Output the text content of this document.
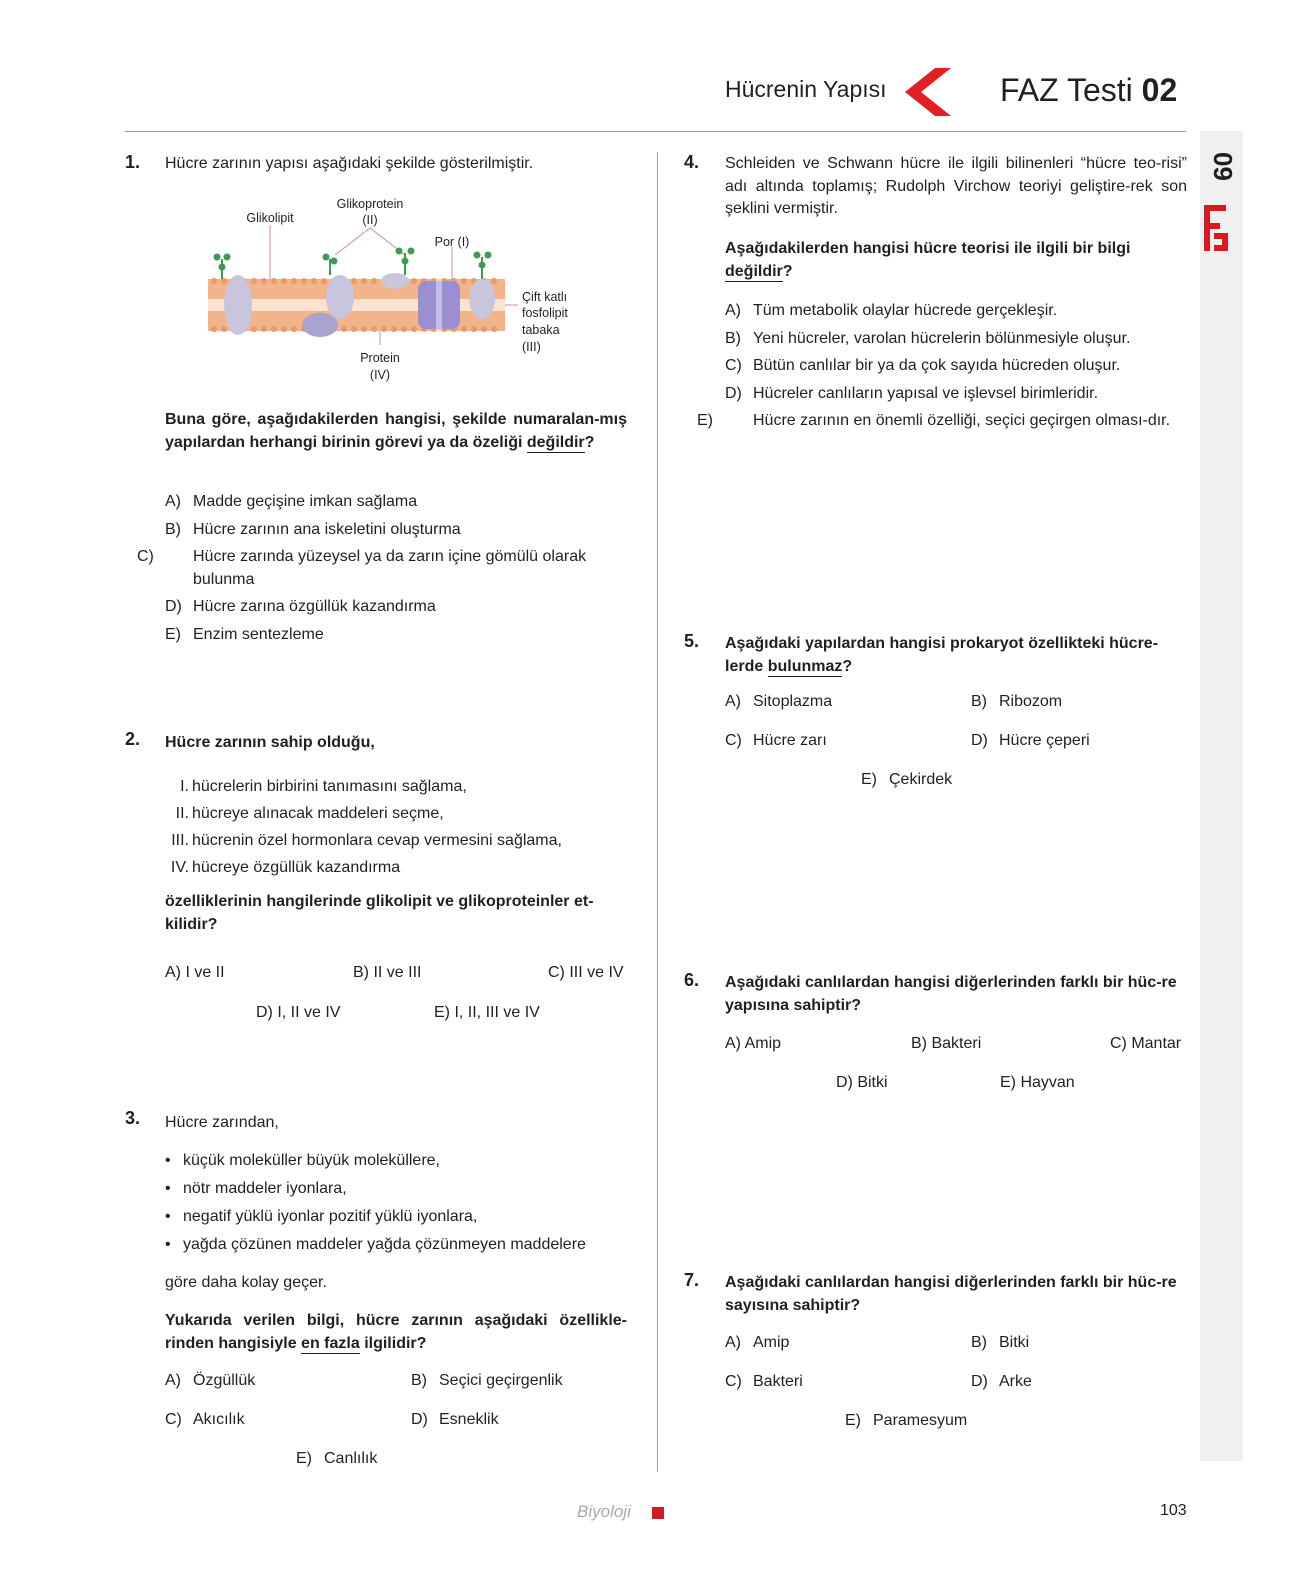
Hücrenin Yapısı	FAZ Testi 02
09
1. Hücre zarının yapısı aşağıdaki şekilde gösterilmiştir.
Glikolipit
Glikoprotein
(II)
Por (I)
Çift katlı
fosfolipit
tabaka
(III)
Protein
(IV)
Buna göre, aşağıdakilerden hangisi, şekilde numaralan-mış yapılardan herhangi birinin görevi ya da özeliği değildir?
A) Madde geçişine imkan sağlama
B) Hücre zarının ana iskeletini oluşturma
C) Hücre zarında yüzeysel ya da zarın içine gömülü olarak bulunma
D) Hücre zarına özgüllük kazandırma
E) Enzim sentezleme
2. Hücre zarının sahip olduğu,
I. hücrelerin birbirini tanımasını sağlama,
II. hücreye alınacak maddeleri seçme,
III. hücrenin özel hormonlara cevap vermesini sağlama,
IV. hücreye özgüllük kazandırma
özelliklerinin hangilerinde glikolipit ve glikoproteinler et-kilidir?
A) I ve II	B) II ve III	C) III ve IV
D) I, II ve IV	E) I, II, III ve IV
3. Hücre zarından,
• küçük moleküller büyük moleküllere,
• nötr maddeler iyonlara,
• negatif yüklü iyonlar pozitif yüklü iyonlara,
• yağda çözünen maddeler yağda çözünmeyen maddelere
göre daha kolay geçer.
Yukarıda verilen bilgi, hücre zarının aşağıdaki özellikle-rinden hangisiyle en fazla ilgilidir?
A) Özgüllük	B) Seçici geçirgenlik
C) Akıcılık	D) Esneklik
E) Canlılık
4. Schleiden ve Schwann hücre ile ilgili bilinenleri “hücre teo-risi” adı altında toplamış; Rudolph Virchow teoriyi geliştire-rek son şeklini vermiştir.
Aşağıdakilerden hangisi hücre teorisi ile ilgili bir bilgi değildir?
A) Tüm metabolik olaylar hücrede gerçekleşir.
B) Yeni hücreler, varolan hücrelerin bölünmesiyle oluşur.
C) Bütün canlılar bir ya da çok sayıda hücreden oluşur.
D) Hücreler canlıların yapısal ve işlevsel birimleridir.
E)	Hücre zarının en önemli özelliği, seçici geçirgen olması-dır.
5. Aşağıdaki yapılardan hangisi prokaryot özellikteki hücre-lerde bulunmaz?
A) Sitoplazma	B) Ribozom
C) Hücre zarı	D) Hücre çeperi
E) Çekirdek
6. Aşağıdaki canlılardan hangisi diğerlerinden farklı bir hüc-re yapısına sahiptir?
A) Amip	B) Bakteri	C) Mantar
D) Bitki	E) Hayvan
7. Aşağıdaki canlılardan hangisi diğerlerinden farklı bir hüc-re sayısına sahiptir?
A) Amip	B) Bitki
C) Bakteri	D) Arke
E) Paramesyum
Biyoloji	103
